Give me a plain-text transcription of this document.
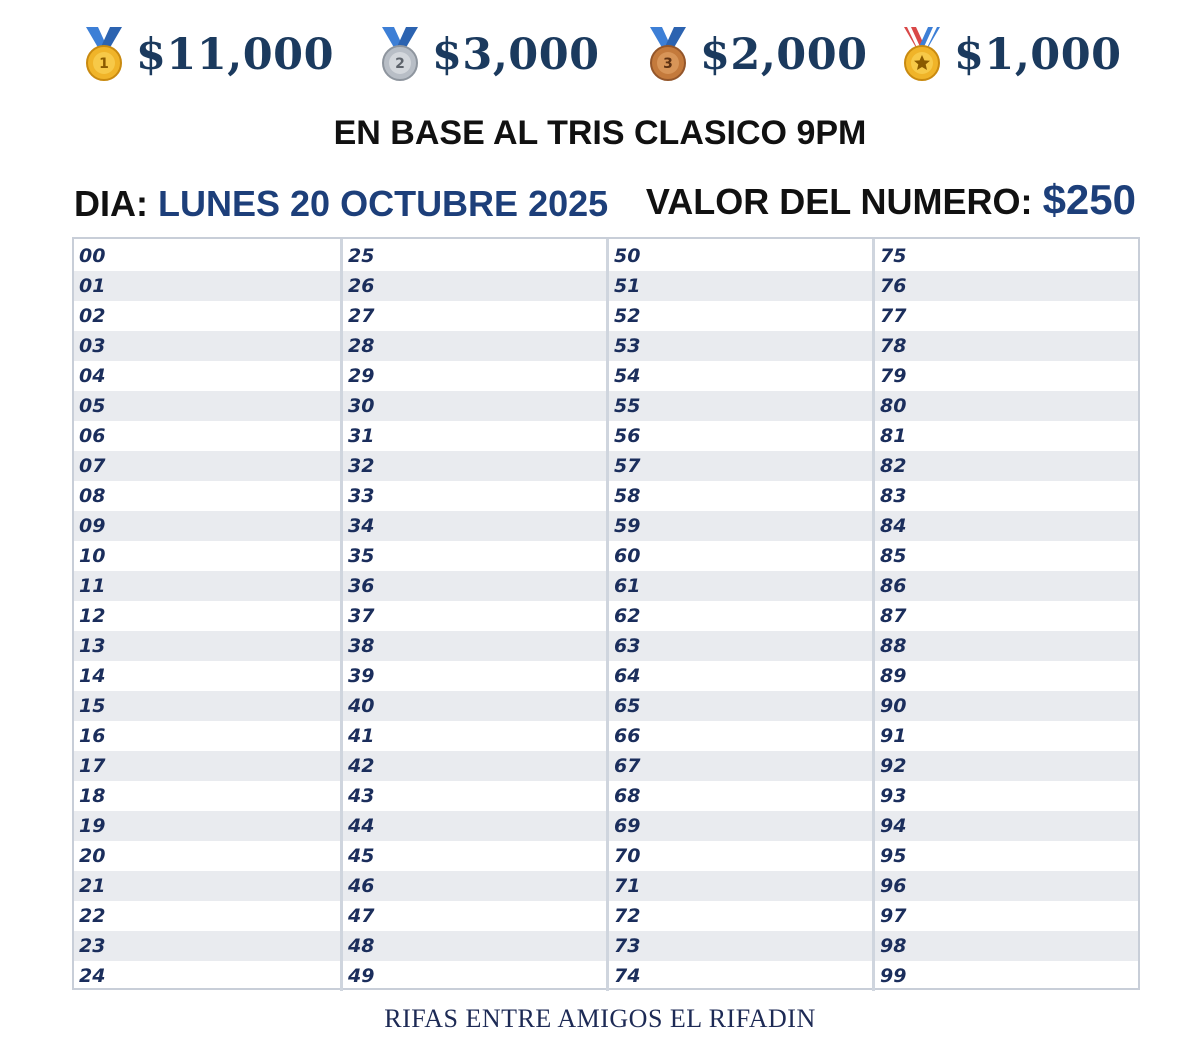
1 $11,000	2 $3,000	3 $2,000 $1,000
EN BASE AL TRIS CLASICO 9PM
DIA: LUNES 20 OCTUBRE 2025 VALOR DEL NUMERO: $250
00
01
02
03
04
05
06
07
08
09
10
11
12
13
14
15
16
17
18
19
20
21
22
23
24
25
26
27
28
29
30
31
32
33
34
35
36
37
38
39
40
41
42
43
44
45
46
47
48
49
50
51
52
53
54
55
56
57
58
59
60
61
62
63
64
65
66
67
68
69
70
71
72
73
74
75
76
77
78
79
80
81
82
83
84
85
86
87
88
89
90
91
92
93
94
95
96
97
98
99
RIFAS ENTRE AMIGOS EL RIFADIN
